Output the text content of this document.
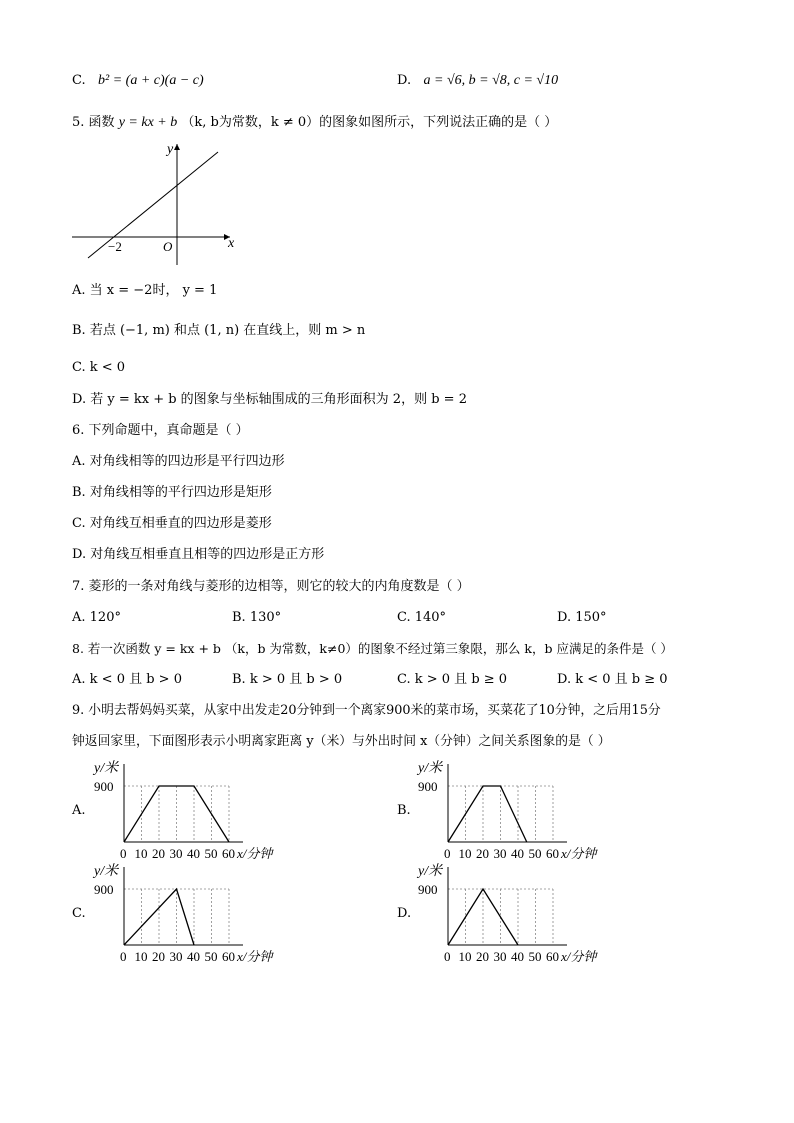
C. b² = (a + c)(a − c)	D. a = √6, b = √8, c = √10
5. 函数 y = kx + b （k, b为常数，k ≠ 0）的图象如图所示，下列说法正确的是（ ）
y
x
O
−2
A. 当 x = −2时， y = 1
B. 若点 (−1, m) 和点 (1, n) 在直线上，则 m > n
C. k < 0
D. 若 y = kx + b 的图象与坐标轴围成的三角形面积为 2，则 b = 2
6. 下列命题中，真命题是（ ）
A. 对角线相等的四边形是平行四边形
B. 对角线相等的平行四边形是矩形
C. 对角线互相垂直的四边形是菱形
D. 对角线互相垂直且相等的四边形是正方形
7. 菱形的一条对角线与菱形的边相等，则它的较大的内角度数是（ ）
A. 120°	B. 130°	C. 140°	D. 150°
8. 若一次函数 y = kx + b （k，b 为常数，k≠0）的图象不经过第三象限，那么 k，b 应满足的条件是（ ）
A. k < 0 且 b > 0	B. k > 0 且 b > 0	C. k > 0 且 b ≥ 0	D. k < 0 且 b ≥ 0
9. 小明去帮妈妈买菜，从家中出发走20分钟到一个离家900米的菜市场，买菜花了10分钟，之后用15分
钟返回家里，下面图形表示小明离家距离 y（米）与外出时间 x（分钟）之间关系图象的是（ ）
A.
y/米
900
0 10 20 30 40 50 60 x/分钟
B.
y/米
900
0 10 20 30 40 50 60 x/分钟
C.
y/米
900
0 10 20 30 40 50 60 x/分钟
D.
y/米
900
0 10 20 30 40 50 60 x/分钟
